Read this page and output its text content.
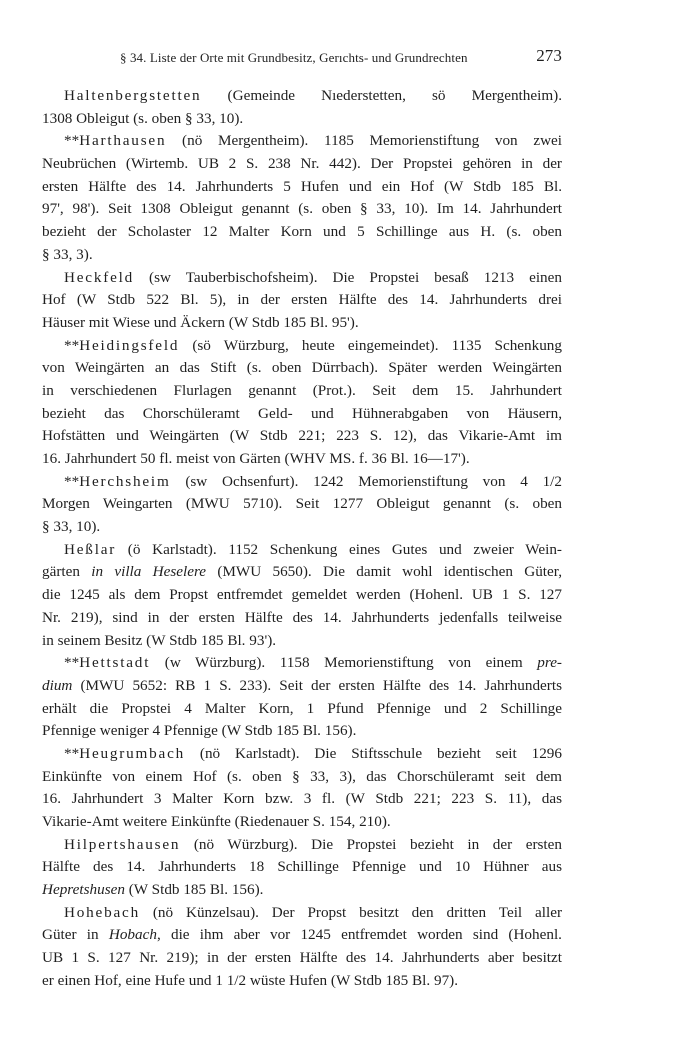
§ 34. Liste der Orte mit Grundbesitz, Gerıchts- und Grundrechten	273
Haltenbergstetten (Gemeinde Nıederstetten, sö Mergentheim).
1308 Obleigut (s. oben § 33, 10).
**Harthausen (nö Mergentheim). 1185 Memorienstiftung von zwei
Neubrüchen (Wirtemb. UB 2 S. 238 Nr. 442). Der Propstei gehören in der
ersten Hälfte des 14. Jahrhunderts 5 Hufen und ein Hof (W Stdb 185 Bl.
97', 98'). Seit 1308 Obleigut genannt (s. oben § 33, 10). Im 14. Jahrhundert
bezieht der Scholaster 12 Malter Korn und 5 Schillinge aus H. (s. oben
§ 33, 3).
Heckfeld (sw Tauberbischofsheim). Die Propstei besaß 1213 einen
Hof (W Stdb 522 Bl. 5), in der ersten Hälfte des 14. Jahrhunderts drei
Häuser mit Wiese und Äckern (W Stdb 185 Bl. 95').
**Heidingsfeld (sö Würzburg, heute eingemeindet). 1135 Schenkung
von Weingärten an das Stift (s. oben Dürrbach). Später werden Weingärten
in verschiedenen Flurlagen genannt (Prot.). Seit dem 15. Jahrhundert
bezieht das Chorschüleramt Geld- und Hühnerabgaben von Häusern,
Hofstätten und Weingärten (W Stdb 221; 223 S. 12), das Vikarie-Amt im
16. Jahrhundert 50 fl. meist von Gärten (WHV MS. f. 36 Bl. 16—17').
**Herchsheim (sw Ochsenfurt). 1242 Memorienstiftung von 4 1/2
Morgen Weingarten (MWU 5710). Seit 1277 Obleigut genannt (s. oben
§ 33, 10).
Heßlar (ö Karlstadt). 1152 Schenkung eines Gutes und zweier Wein-
gärten in villa Heselere (MWU 5650). Die damit wohl identischen Güter,
die 1245 als dem Propst entfremdet gemeldet werden (Hohenl. UB 1 S. 127
Nr. 219), sind in der ersten Hälfte des 14. Jahrhunderts jedenfalls teilweise
in seinem Besitz (W Stdb 185 Bl. 93').
**Hettstadt (w Würzburg). 1158 Memorienstiftung von einem pre-
dium (MWU 5652: RB 1 S. 233). Seit der ersten Hälfte des 14. Jahrhunderts
erhält die Propstei 4 Malter Korn, 1 Pfund Pfennige und 2 Schillinge
Pfennige weniger 4 Pfennige (W Stdb 185 Bl. 156).
**Heugrumbach (nö Karlstadt). Die Stiftsschule bezieht seit 1296
Einkünfte von einem Hof (s. oben § 33, 3), das Chorschüleramt seit dem
16. Jahrhundert 3 Malter Korn bzw. 3 fl. (W Stdb 221; 223 S. 11), das
Vikarie-Amt weitere Einkünfte (Riedenauer S. 154, 210).
Hilpertshausen (nö Würzburg). Die Propstei bezieht in der ersten
Hälfte des 14. Jahrhunderts 18 Schillinge Pfennige und 10 Hühner aus
Hepretshusen (W Stdb 185 Bl. 156).
Hohebach (nö Künzelsau). Der Propst besitzt den dritten Teil aller
Güter in Hobach, die ihm aber vor 1245 entfremdet worden sind (Hohenl.
UB 1 S. 127 Nr. 219); in der ersten Hälfte des 14. Jahrhunderts aber besitzt
er einen Hof, eine Hufe und 1 1/2 wüste Hufen (W Stdb 185 Bl. 97).
